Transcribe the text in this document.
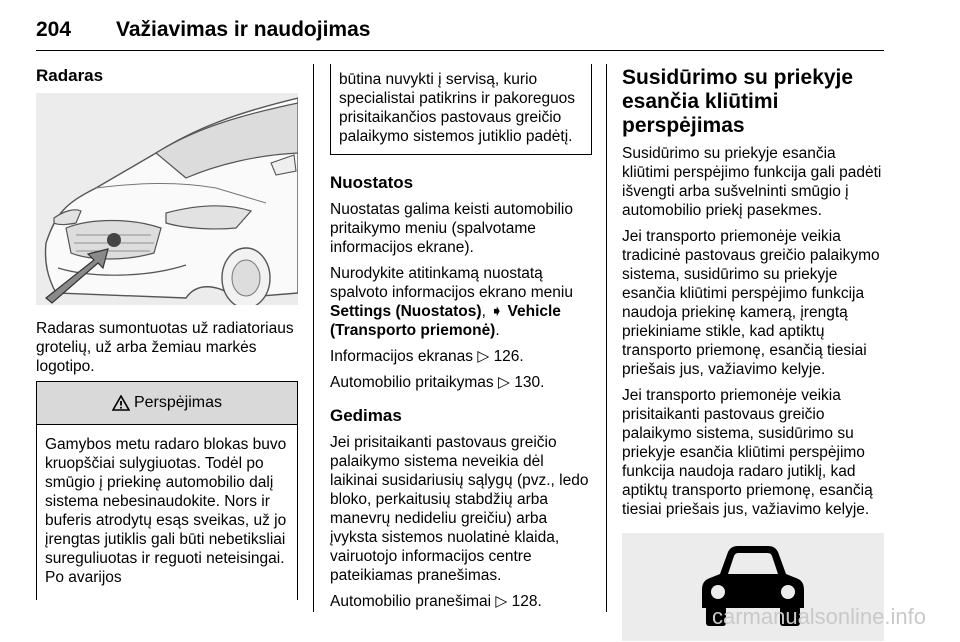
204 Važiavimas ir naudojimas
Radaras

Radaras sumontuotas už radiatoriaus grotelių, už arba žemiau markės logotipo.

Perspėjimas
Gamybos metu radaro blokas buvo kruopščiai sulygiuotas. Todėl po smūgio į priekinę automobilio dalį sistema nebesinaudokite. Nors ir buferis atrodytų esąs sveikas, už jo įrengtas jutiklis gali būti nebetiksliai sureguliuotas ir reguoti neteisingai. Po avarijos
būtina nuvykti į servisą, kurio specialistai patikrins ir pakoreguos prisitaikančios pastovaus greičio palaikymo sistemos jutiklio padėtį.
Nuostatos

Nuostatas galima keisti automobilio pritaikymo meniu (spalvotame informacijos ekrane).

Nurodykite atitinkamą nuostatą spalvoto informacijos ekrano meniu Settings (Nuostatos), ➧ Vehicle (Transporto priemonė).

Informacijos ekranas ▷ 126.

Automobilio pritaikymas ▷ 130.

Gedimas

Jei prisitaikanti pastovaus greičio palaikymo sistema neveikia dėl laikinai susidariusių sąlygų (pvz., ledo bloko, perkaitusių stabdžių arba manevrų nedideliu greičiu) arba įvyksta sistemos nuolatinė klaida, vairuotojo informacijos centre pateikiamas pranešimas.

Automobilio pranešimai ▷ 128.

Susidūrimo su priekyje esančia kliūtimi perspėjimas

Susidūrimo su priekyje esančia kliūtimi perspėjimo funkcija gali padėti išvengti arba sušvelninti smūgio į automobilio priekį pasekmes.

Jei transporto priemonėje veikia tradicinė pastovaus greičio palaikymo sistema, susidūrimo su priekyje esančia kliūtimi perspėjimo funkcija naudoja priekinę kamerą, įrengtą priekiniame stikle, kad aptiktų transporto priemonę, esančią tiesiai priešais jus, važiavimo kelyje.

Jei transporto priemonėje veikia prisitaikanti pastovaus greičio palaikymo sistema, susidūrimo su priekyje esančia kliūtimi perspėjimo funkcija naudoja radaro jutiklį, kad aptiktų transporto priemonę, esančią tiesiai priešais jus, važiavimo kelyje.

carmanualsonline.info
